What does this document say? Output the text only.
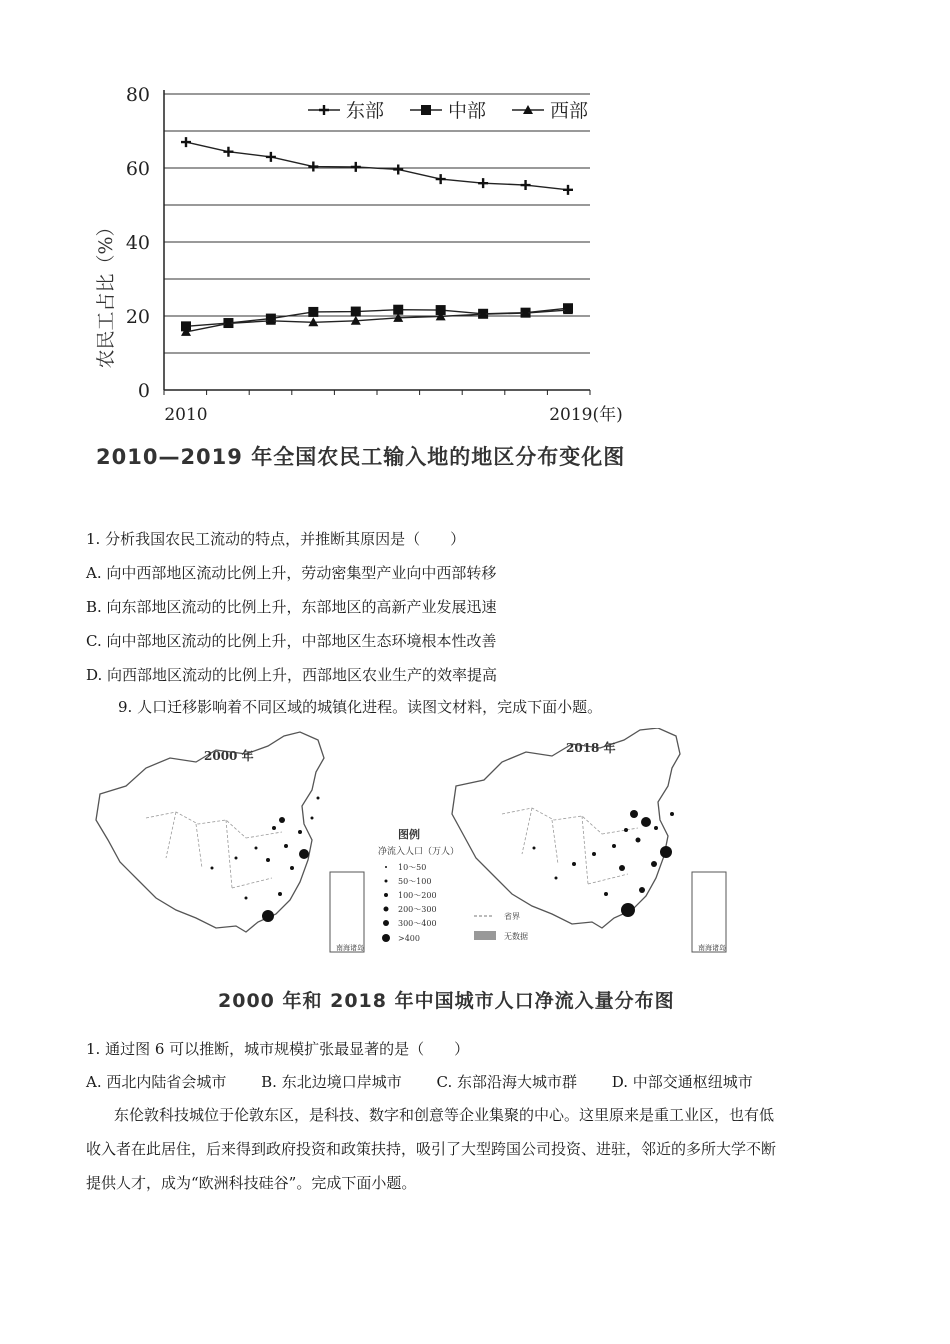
0
20
40
60
80
2010	2019(年)
东部	中部	西部
农民工占比（%）
2010—2019 年全国农民工输入地的地区分布变化图
1. 分析我国农民工流动的特点，并推断其原因是（　　）
A. 向中西部地区流动比例上升，劳动密集型产业向中西部转移
B. 向东部地区流动的比例上升，东部地区的高新产业发展迅速
C. 向中部地区流动的比例上升，中部地区生态环境根本性改善
D. 向西部地区流动的比例上升，西部地区农业生产的效率提高
9. 人口迁移影响着不同区域的城镇化进程。读图文材料，完成下面小题。
2000 年
南海诸岛
图例
净流入人口（万人）
10～50
50～100
100～200
200～300
300～400
>400
省界
无数据
2018 年
南海诸岛
2000 年和 2018 年中国城市人口净流入量分布图
1. 通过图 6 可以推断，城市规模扩张最显著的是（　　）
A. 西北内陆省会城市 B. 东北边境口岸城市 C. 东部沿海大城市群 D. 中部交通枢纽城市
东伦敦科技城位于伦敦东区，是科技、数字和创意等企业集聚的中心。这里原来是重工业区，也有低
收入者在此居住，后来得到政府投资和政策扶持，吸引了大型跨国公司投资、进驻，邻近的多所大学不断
提供人才，成为“欧洲科技硅谷”。完成下面小题。
